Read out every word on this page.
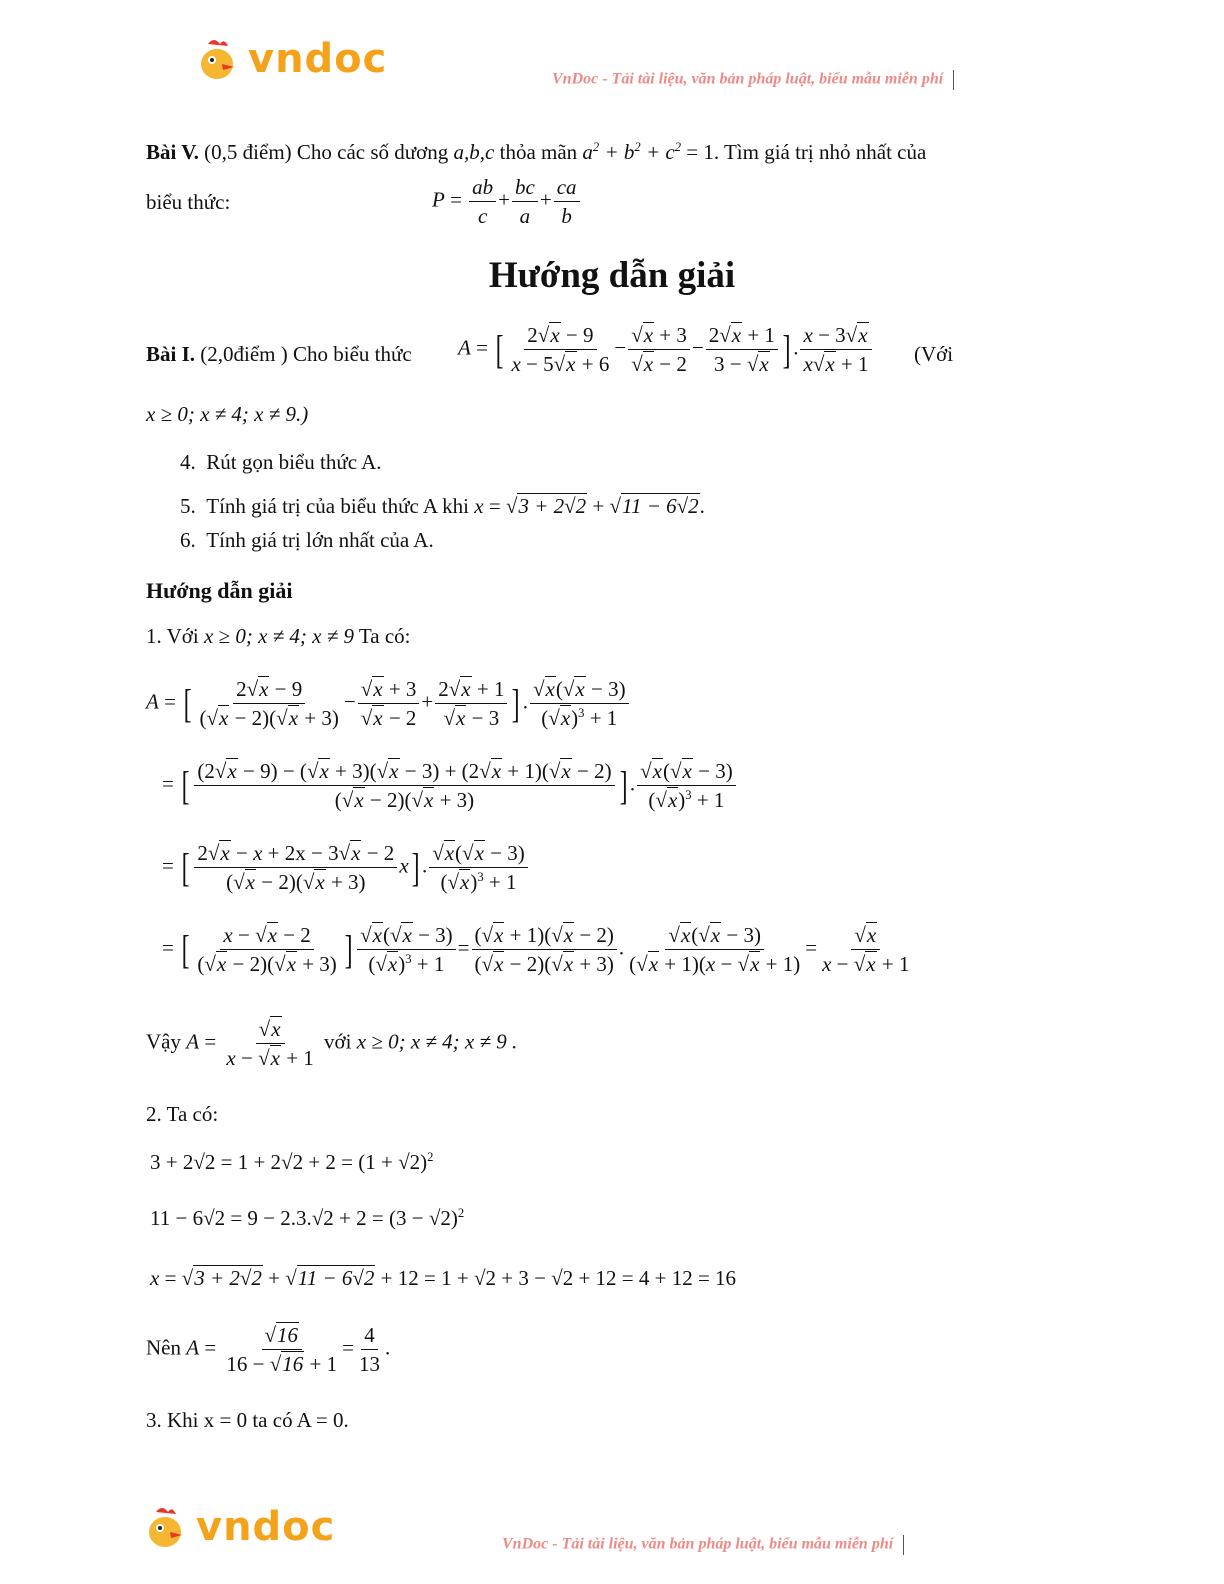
vndoc	VnDoc - Tải tài liệu, văn bản pháp luật, biểu mẫu miễn phí
Bài V. (0,5 điểm) Cho các số dương a,b,c thỏa mãn $a^2 + b^2 + c^2 = 1$. Tìm giá trị nhỏ nhất của
biểu thức:	$P = \frac{ab}{c} + \frac{bc}{a} + \frac{ca}{b}$
Hướng dẫn giải
Bài I. (2,0điểm ) Cho biểu thức A = [ $\frac{2√x - 9}{x - 5√x + 6} - \frac{√x + 3}{√x - 2} - \frac{2√x + 1}{3 - √x}$ ] . $\frac{x - 3√x}{x√x + 1}$ (Với
x ≥ 0; x ≠ 4; x ≠ 9.)
4. Rút gọn biểu thức A.
5. Tính giá trị của biểu thức A khi x = √3 + 2√2 + √11 − 6√2.
6. Tính giá trị lớn nhất của A.
Hướng dẫn giải
1. Với x ≥ 0; x ≠ 4; x ≠ 9 Ta có:
A = [ $\frac{2√x - 9}{(√x - 2)(√x + 3)} - \frac{√x + 3}{√x - 2} + \frac{2√x + 1}{√x - 3}$ ] . $\frac{√x(√x - 3)}{(√x)^3 + 1}$
= [ $\frac{(2√x - 9) - (√x + 3)(√x - 3) + (2√x + 1)(√x - 2)}{(√x - 2)(√x + 3)}$ ] . $\frac{√x(√x - 3)}{(√x)^3 + 1}$
= [ $\frac{2√x - x + 2x - 3√x - 2}{(√x - 2)(√x + 3)} x$] . $\frac{√x(√x - 3)}{(√x)^3 + 1}$
= [ $\frac{x - √x - 2}{(√x - 2)(√x + 3)}$ ] $\frac{√x(√x - 3)}{(√x)^3 + 1} = \frac{(√x + 1)(√x - 2)}{(√x - 2)(√x + 3)}$ . $\frac{√x(√x - 3)}{(√x + 1)(x - √x + 1)} = \frac{√x}{x - √x + 1}$
Vậy $A = \frac{√x}{x - √x + 1}$ với x ≥ 0; x ≠ 4; x ≠ 9 .
2. Ta có:
$3 + 2√2 = 1 + 2√2 + 2 = (1 + √2)^2$
$11 - 6√2 = 9 - 2.3.√2 + 2 = (3 - √2)^2$
x = √3 + 2√2 + √11 − 6√2 + 12 = 1 + √2 + 3 − √2 + 12 = 4 + 12 = 16
Nên $A = \frac{√16}{16 - √16 + 1} = \frac{4}{13}$ .
3. Khi x = 0 ta có A = 0.
vndoc	VnDoc - Tải tài liệu, văn bản pháp luật, biểu mẫu miễn phí
